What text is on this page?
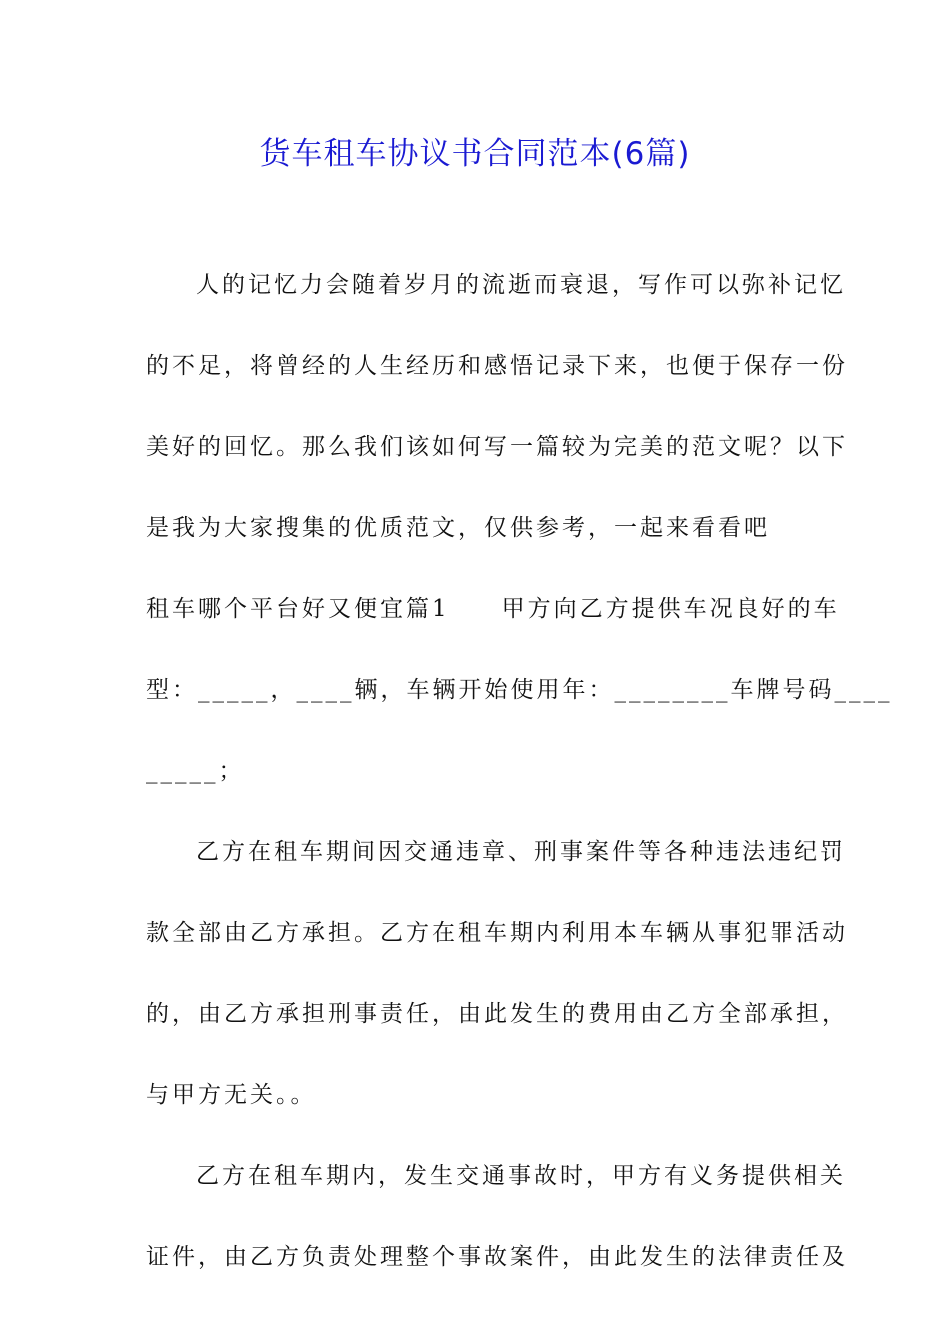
货车租车协议书合同范本(6篇)
人的记忆力会随着岁月的流逝而衰退，写作可以弥补记忆
的不足，将曾经的人生经历和感悟记录下来，也便于保存一份
美好的回忆。那么我们该如何写一篇较为完美的范文呢？以下
是我为大家搜集的优质范文，仅供参考，一起来看看吧
租车哪个平台好又便宜篇1 甲方向乙方提供车况良好的车
型：_____，____辆，车辆开始使用年：________车牌号码____
_____；
乙方在租车期间因交通违章、刑事案件等各种违法违纪罚
款全部由乙方承担。乙方在租车期内利用本车辆从事犯罪活动
的，由乙方承担刑事责任，由此发生的费用由乙方全部承担，
与甲方无关。。
乙方在租车期内，发生交通事故时，甲方有义务提供相关
证件，由乙方负责处理整个事故案件，由此发生的法律责任及
